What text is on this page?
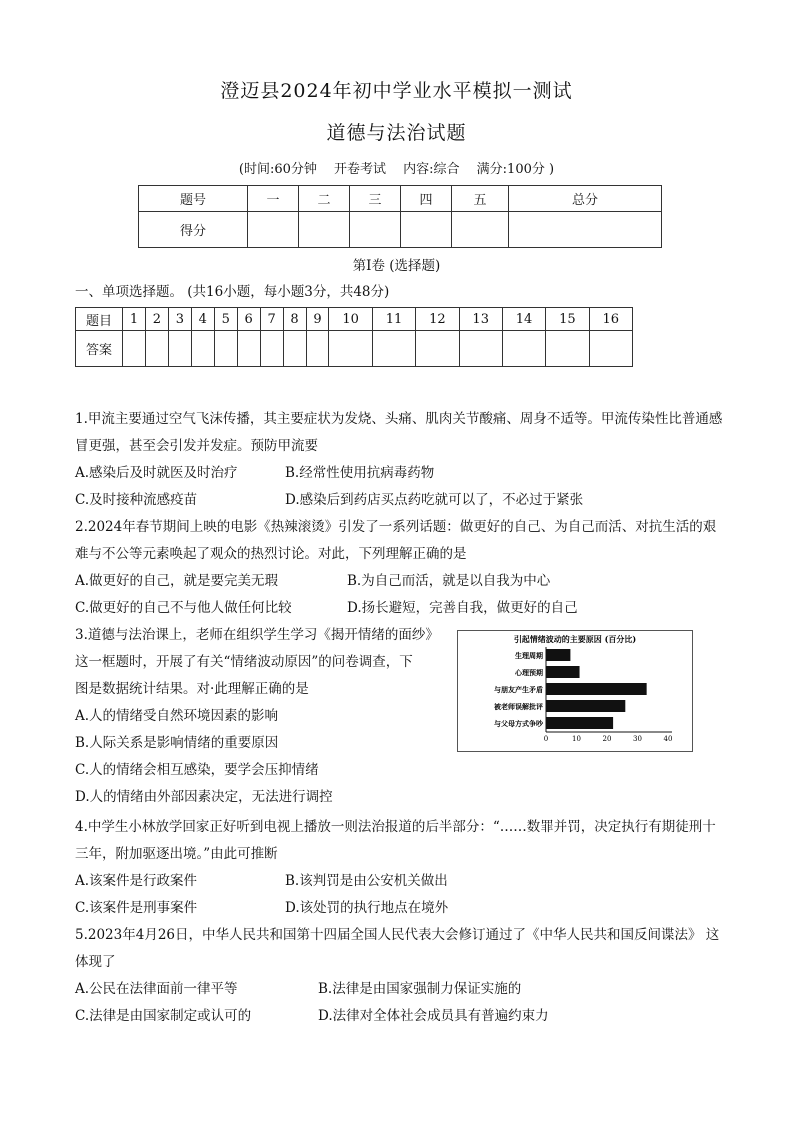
澄迈县2024年初中学业水平模拟一测试
道德与法治试题
(时间:60分钟　 开卷考试　 内容:综合　 满分:100分 )
题号	一	二	三	四	五	总分
得分						
第Ⅰ卷 (选择题)
一、单项选择题。 (共16小题，每小题3分，共48分)
题目	1	2	3	4	5	6	7	8	9	10	11	12	13	14	15	16
答案																
1.甲流主要通过空气飞沫传播，其主要症状为发烧、头痛、肌肉关节酸痛、周身不适等。甲流传染性比普通感冒更强，甚至会引发并发症。预防甲流要
A.感染后及时就医及时治疗	B.经常性使用抗病毒药物
C.及时接种流感疫苗	D.感染后到药店买点药吃就可以了，不必过于紧张
2.2024年春节期间上映的电影《热辣滚烫》引发了一系列话题：做更好的自己、为自己而活、对抗生活的艰难与不公等元素唤起了观众的热烈讨论。对此，下列理解正确的是
A.做更好的自己，就是要完美无瑕	B.为自己而活，就是以自我为中心
C.做更好的自己不与他人做任何比较	D.扬长避短，完善自我，做更好的自己
3.道德与法治课上，老师在组织学生学习《揭开情绪的面纱》
这一框题时，开展了有关“情绪波动原因”的问卷调查，下
图是数据统计结果。对·此理解正确的是
A.人的情绪受自然环境因素的影响
B.人际关系是影响情绪的重要原因
C.人的情绪会相互感染，要学会压抑情绪
D.人的情绪由外部因素决定，无法进行调控
引起情绪波动的主要原因 (百分比)
生理周期
心理预期
与朋友产生矛盾
被老师误解批评
与父母方式争吵
0	10	20	30	40
4.中学生小林放学回家正好听到电视上播放一则法治报道的后半部分：“……数罪并罚，决定执行有期徒刑十三年，附加驱逐出境。”由此可推断
A.该案件是行政案件	B.该判罚是由公安机关做出
C.该案件是刑事案件	D.该处罚的执行地点在境外
5.2023年4月26日，中华人民共和国第十四届全国人民代表大会修订通过了《中华人民共和国反间谍法》 这体现了
A.公民在法律面前一律平等	B.法律是由国家强制力保证实施的
C.法律是由国家制定或认可的	D.法律对全体社会成员具有普遍约束力
